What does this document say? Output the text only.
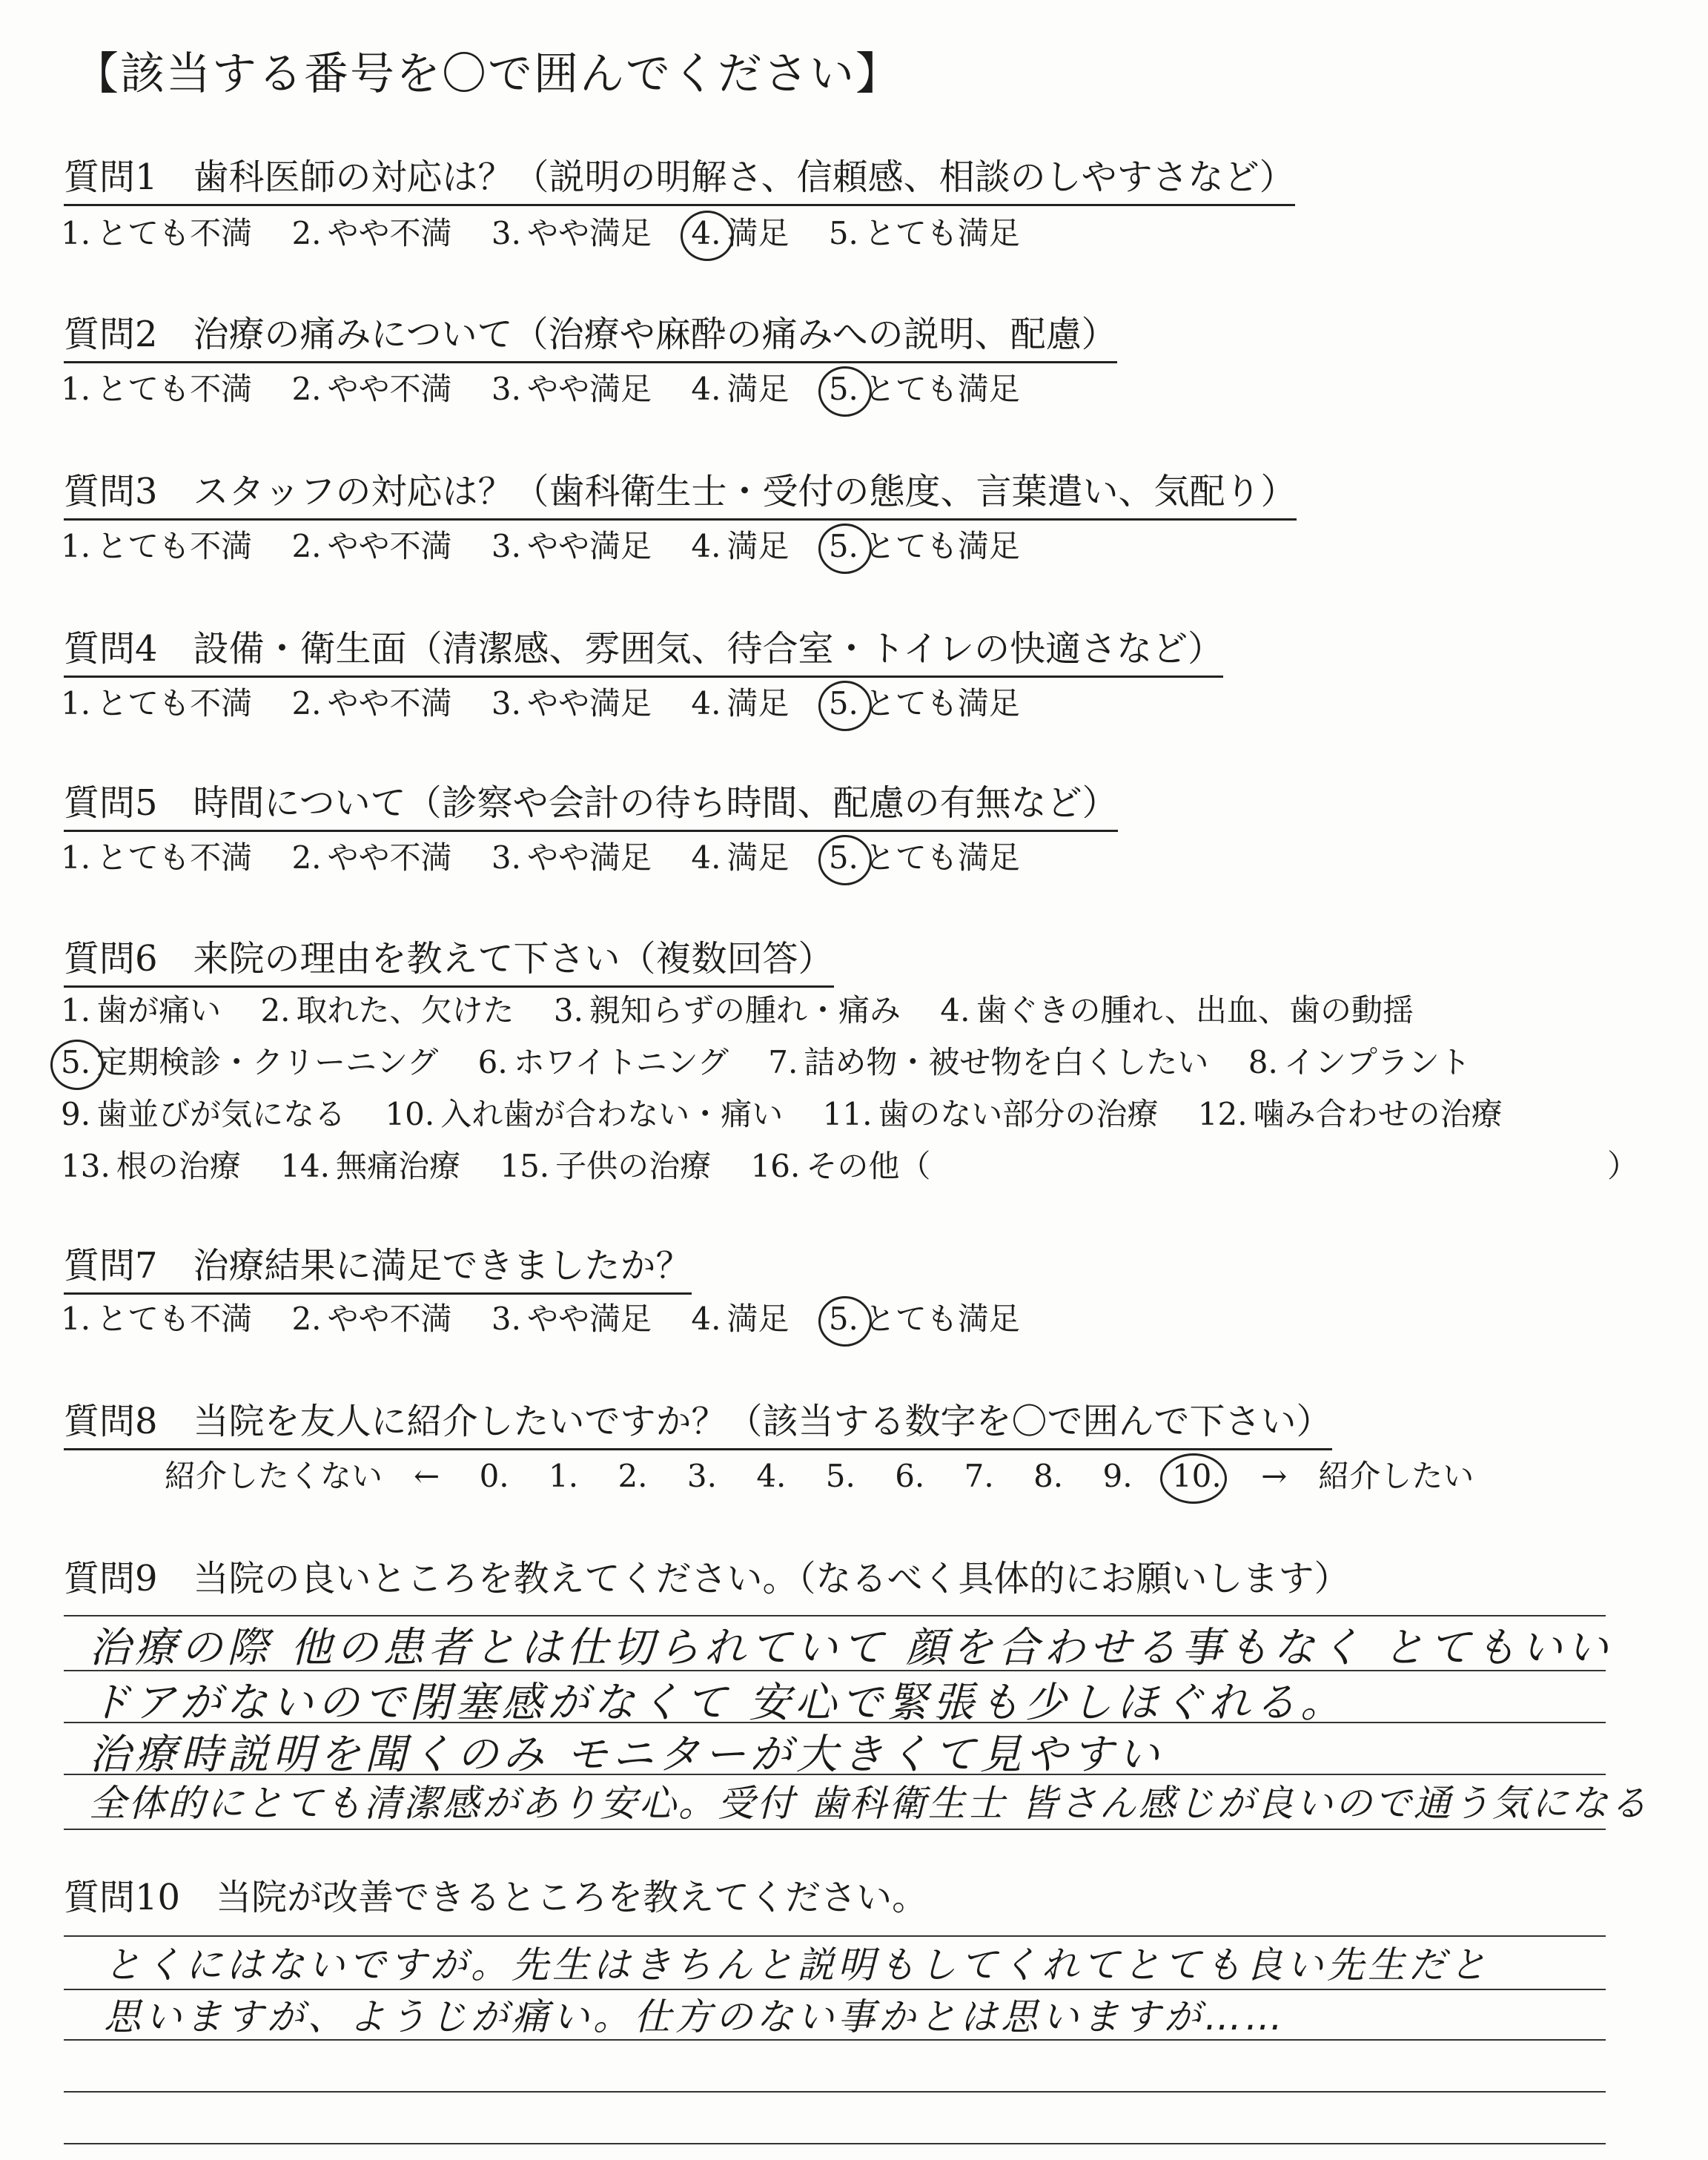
【該当する番号を〇で囲んでください】
質問1　歯科医師の対応は？（説明の明解さ、信頼感、相談のしやすさなど）
1. とても不満 2. やや不満 3. やや満足 4. 満足 5. とても満足
質問2　治療の痛みについて（治療や麻酔の痛みへの説明、配慮）
1. とても不満 2. やや不満 3. やや満足 4. 満足 5. とても満足
質問3　スタッフの対応は？（歯科衛生士・受付の態度、言葉遣い、気配り）
1. とても不満 2. やや不満 3. やや満足 4. 満足 5. とても満足
質問4　設備・衛生面（清潔感、雰囲気、待合室・トイレの快適さなど）
1. とても不満 2. やや不満 3. やや満足 4. 満足 5. とても満足
質問5　時間について（診察や会計の待ち時間、配慮の有無など）
1. とても不満 2. やや不満 3. やや満足 4. 満足 5. とても満足
質問6　来院の理由を教えて下さい（複数回答）
1. 歯が痛い 2. 取れた、欠けた 3. 親知らずの腫れ・痛み 4. 歯ぐきの腫れ、出血、歯の動揺
5. 定期検診・クリーニング 6. ホワイトニング 7. 詰め物・被せ物を白くしたい 8. インプラント
9. 歯並びが気になる 10. 入れ歯が合わない・痛い 11. 歯のない部分の治療 12. 噛み合わせの治療
13. 根の治療 14. 無痛治療 15. 子供の治療 16. その他（	）
質問7　治療結果に満足できましたか？
1. とても不満 2. やや不満 3. やや満足 4. 満足 5. とても満足
質問8　当院を友人に紹介したいですか？（該当する数字を〇で囲んで下さい）
紹介したくない　← 0. 1. 2. 3. 4. 5. 6. 7. 8. 9. 10. →　紹介したい
質問9　当院の良いところを教えてください。（なるべく具体的にお願いします）
治療の際 他の患者とは仕切られていて 顔を合わせる事もなく とてもいい
ドアがないので閉塞感がなくて 安心で緊張も少しほぐれる。
治療時説明を聞くのみ モニターが大きくて見やすい
全体的にとても清潔感があり安心。受付 歯科衛生士 皆さん感じが良いので通う気になる
質問10　当院が改善できるところを教えてください。
とくにはないですが。先生はきちんと説明もしてくれてとても良い先生だと
思いますが、ようじが痛い。仕方のない事かとは思いますが……
